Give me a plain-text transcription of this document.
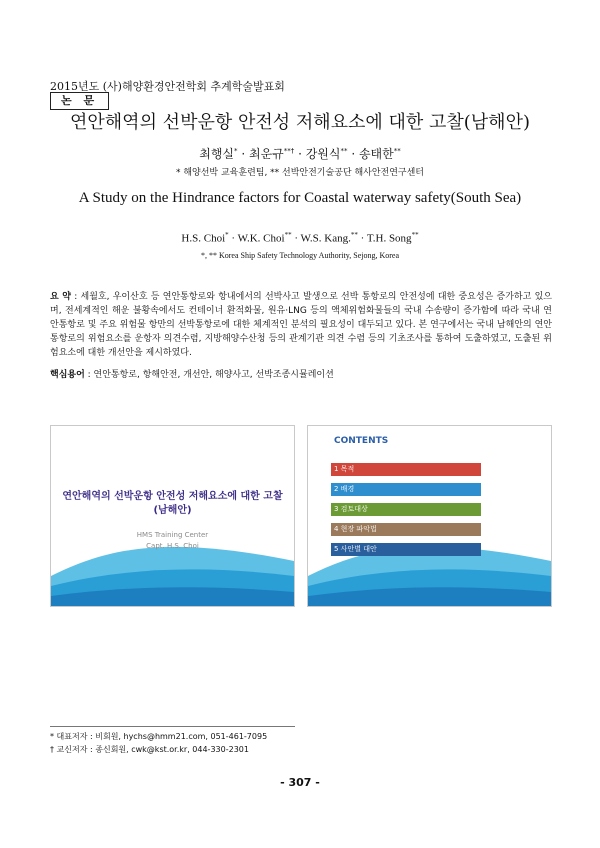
2015년도 (사)해양환경안전학회 추계학술발표회
논 문
연안해역의 선박운항 안전성 저해요소에 대한 고찰(남해안)
최행실* · 최운규**† · 강원식** · 송태한**
* 해양선박 교육훈련팀, ** 선박안전기술공단 해사안전연구센터
A Study on the Hindrance factors for Coastal waterway safety(South Sea)
H.S. Choi* · W.K. Choi** · W.S. Kang.** · T.H. Song**
*, ** Korea Ship Safety Technology Authority, Sejong, Korea
요 약 : 세월호, 우이산호 등 연안통항로와 항내에서의 선박사고 발생으로 선박 통항로의 안전성에 대한 중요성은 증가하고 있으며, 전세계적인 해운 불황속에서도 컨테이너 환적화물, 원유·LNG 등의 액체위험화물들의 국내 수송량이 증가함에 따라 국내 연안통항로 및 주요 위험물 항만의 선박통항로에 대한 체계적인 분석의 필요성이 대두되고 있다. 본 연구에서는 국내 남해안의 연안통항로의 위험요소를 운항자 의견수렴, 지방해양수산청 등의 관계기관 의견 수렴 등의 기초조사를 통하여 도출하였고, 도출된 위험요소에 대한 개선안을 제시하였다.
핵심용어 : 연안통항로, 항해안전, 개선안, 해양사고, 선박조종시뮬레이션
연안해역의 선박운항 안전성 저해요소에 대한 고찰
(남해안)
HMS Training Center
Capt. H.S. Choi
CONTENTS
1 목적
2 배경
3 검토대상
4 현장 파악법
5 사안별 대안
* 대표저자 : 비회원, hychs@hmm21.com, 051-461-7095
† 교신저자 : 종신회원, cwk@kst.or.kr, 044-330-2301
- 307 -
